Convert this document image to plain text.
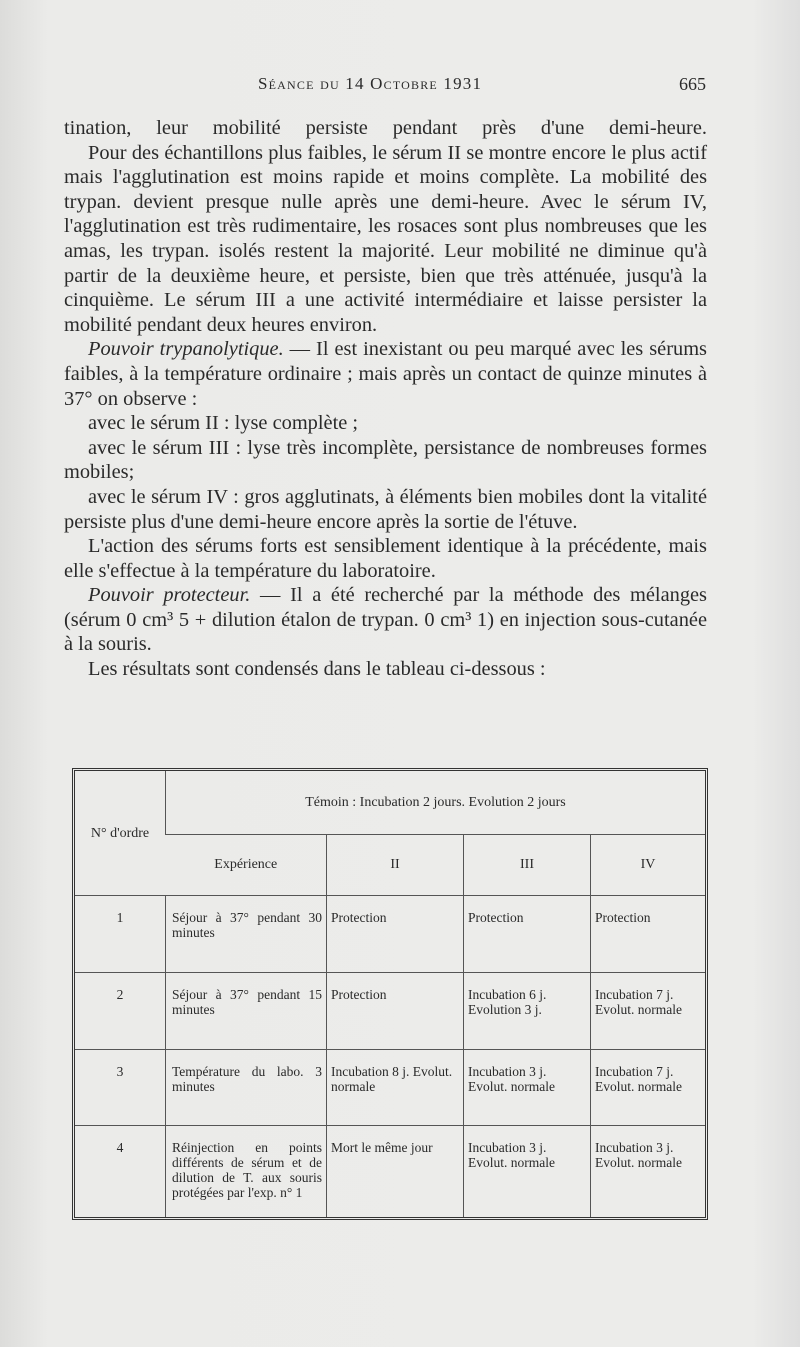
Séance du 14 Octobre 1931	665

tination, leur mobilité persiste pendant près d'une demi-heure.

Pour des échantillons plus faibles, le sérum II se montre encore le plus actif mais l'agglutination est moins rapide et moins complète. La mobilité des trypan. devient presque nulle après une demi-heure. Avec le sérum IV, l'agglutination est très rudimentaire, les rosaces sont plus nombreuses que les amas, les trypan. isolés restent la majorité. Leur mobilité ne diminue qu'à partir de la deuxième heure, et persiste, bien que très atténuée, jusqu'à la cinquième. Le sérum III a une activité intermédiaire et laisse persister la mobilité pendant deux heures environ.

Pouvoir trypanolytique. — Il est inexistant ou peu marqué avec les sérums faibles, à la température ordinaire ; mais après un contact de quinze minutes à 37° on observe :

avec le sérum II : lyse complète ;

avec le sérum III : lyse très incomplète, persistance de nombreuses formes mobiles;

avec le sérum IV : gros agglutinats, à éléments bien mobiles dont la vitalité persiste plus d'une demi-heure encore après la sortie de l'étuve.

L'action des sérums forts est sensiblement identique à la précédente, mais elle s'effectue à la température du laboratoire.

Pouvoir protecteur. — Il a été recherché par la méthode des mélanges (sérum 0 cm³ 5 + dilution étalon de trypan. 0 cm³ 1) en injection sous-cutanée à la souris.

Les résultats sont condensés dans le tableau ci-dessous :

N° d'ordre	Témoin : Incubation 2 jours. Evolution 2 jours			
	Expérience	II	III	IV
1	Séjour à 37° pendant 30 minutes	Protection	Protection	Protection
2	Séjour à 37° pendant 15 minutes	Protection	Incubation 6 j. Evolution 3 j.	Incubation 7 j. Evolut. normale
3	Température du labo. 3 minutes	Incubation 8 j. Evolut. normale	Incubation 3 j. Evolut. normale	Incubation 7 j. Evolut. normale
4	Réinjection en points différents de sérum et de dilution de T. aux souris protégées par l'exp. n° 1	Mort le même jour	Incubation 3 j. Evolut. normale	Incubation 3 j. Evolut. normale
